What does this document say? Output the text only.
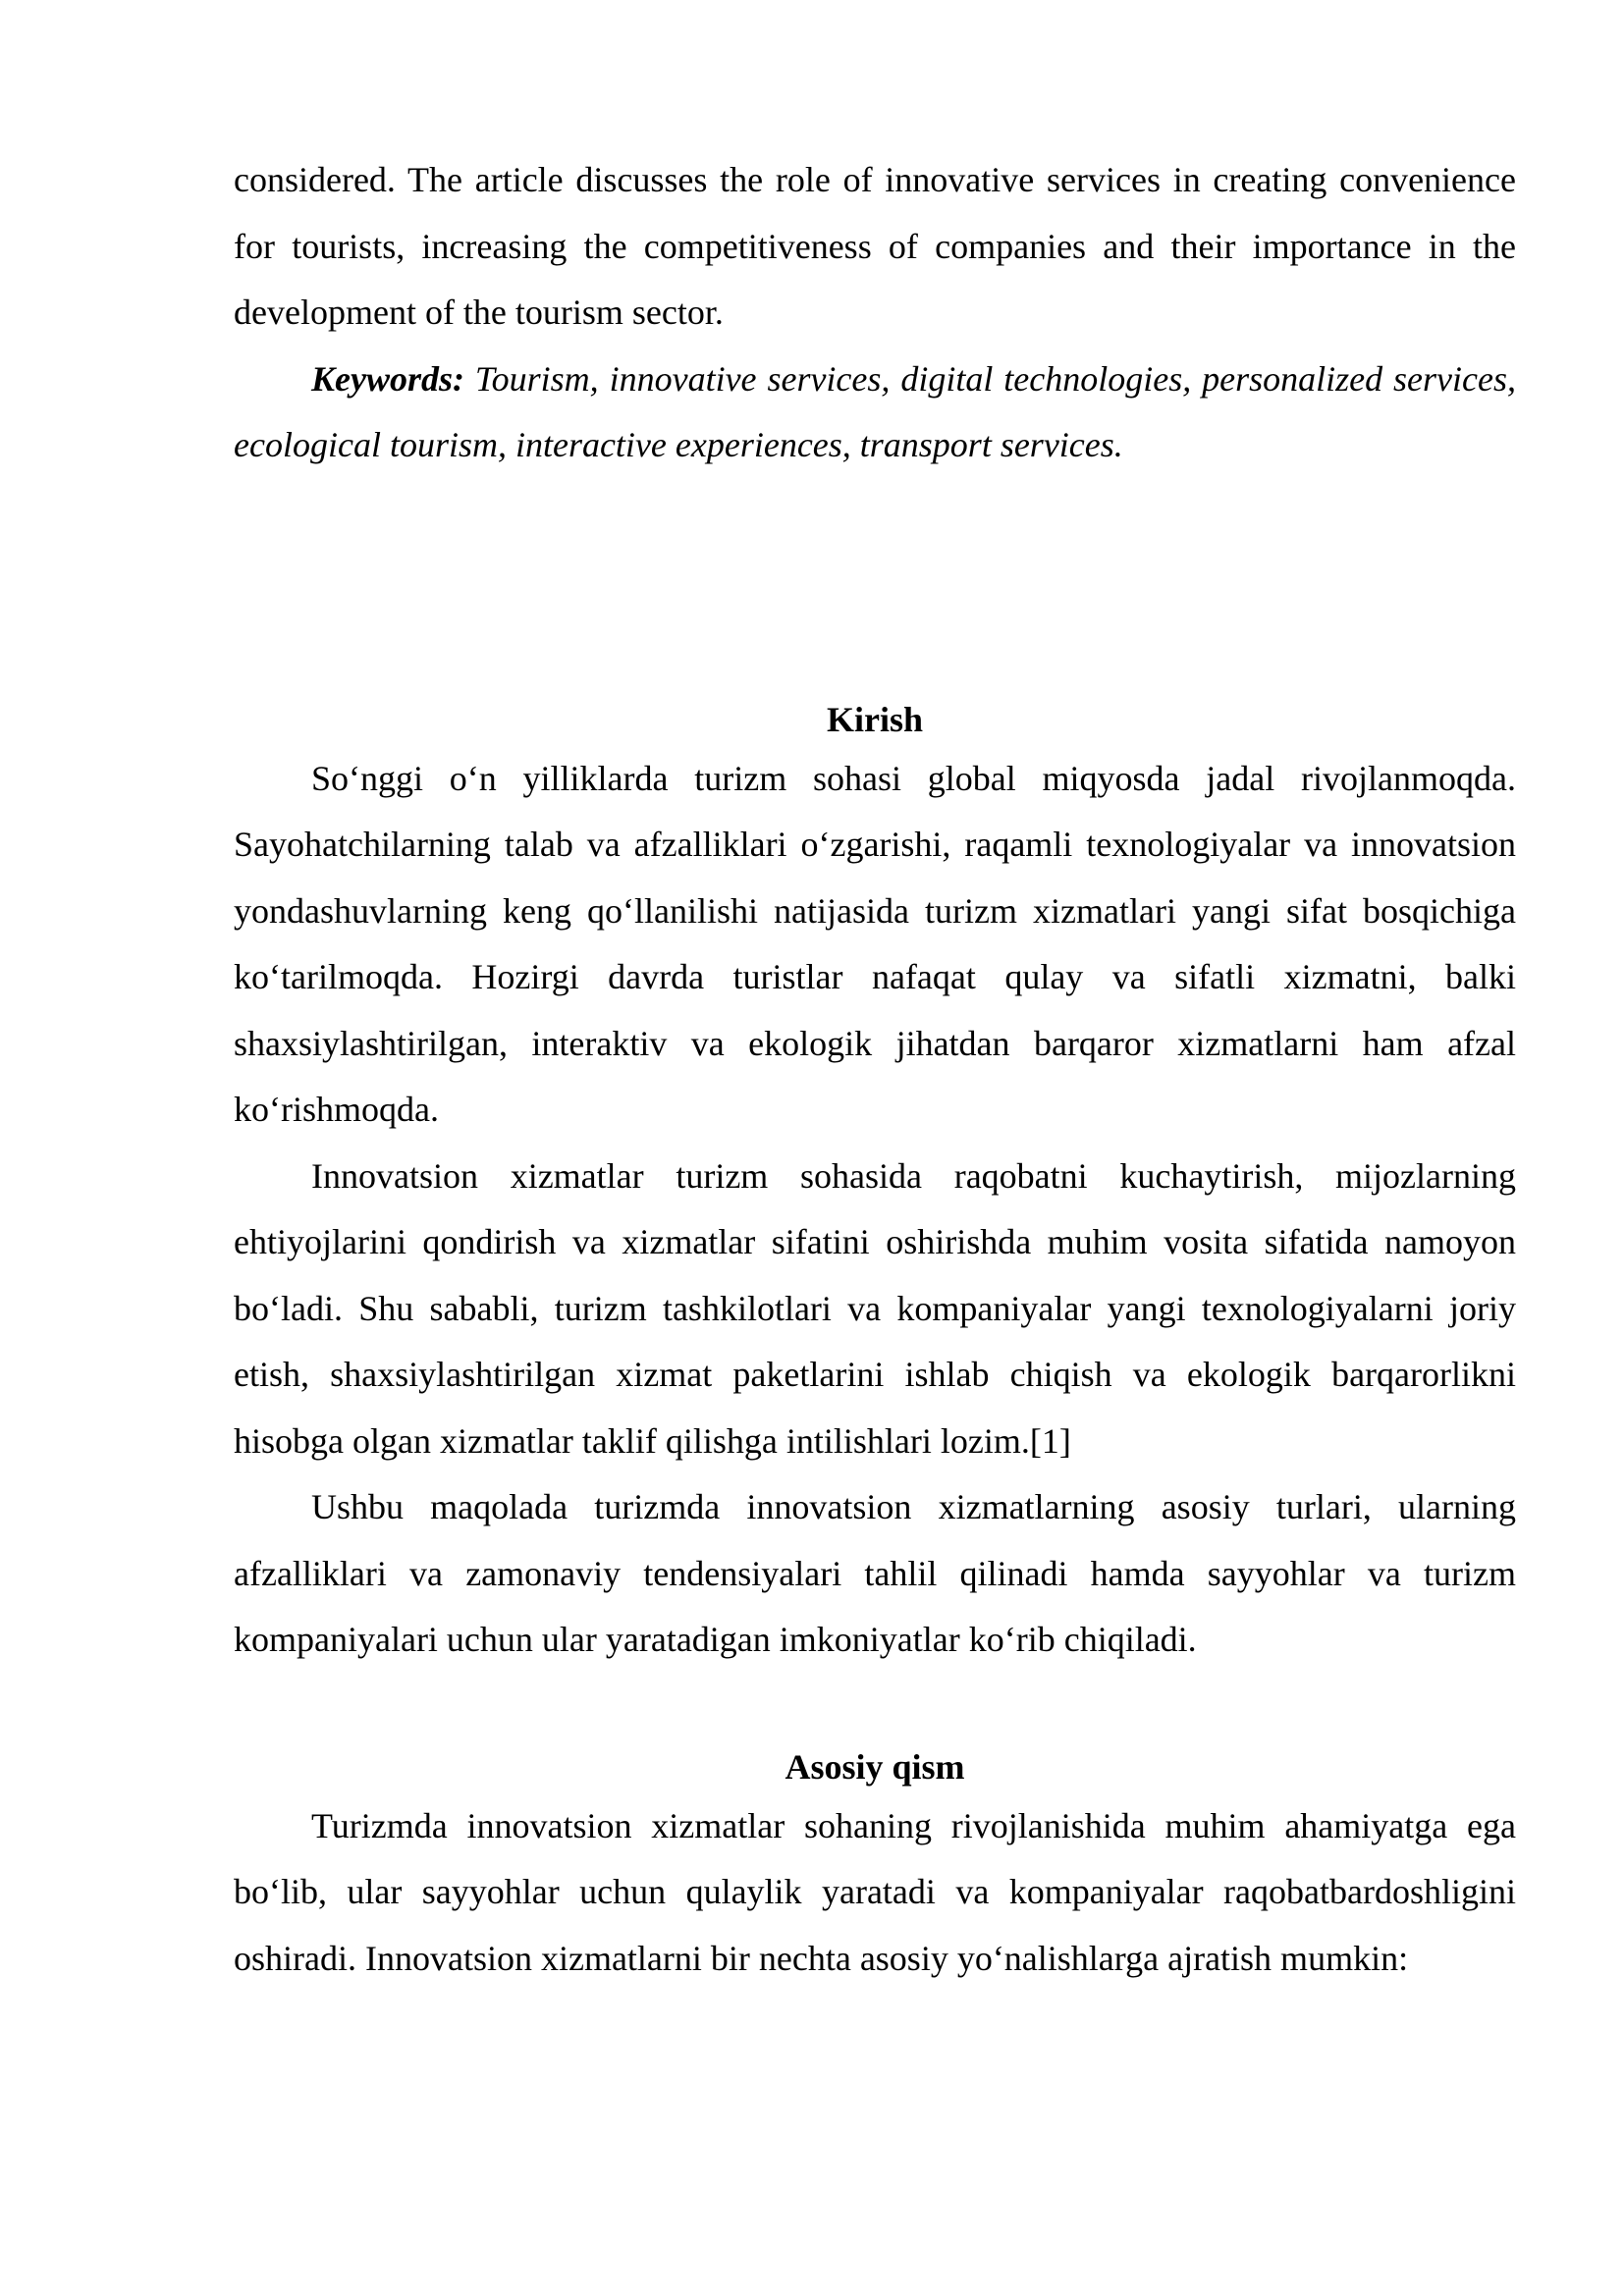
considered. The article discusses the role of innovative services in creating convenience for tourists, increasing the competitiveness of companies and their importance in the development of the tourism sector.

Keywords: Tourism, innovative services, digital technologies, personalized services, ecological tourism, interactive experiences, transport services.

Kirish

So‘nggi o‘n yilliklarda turizm sohasi global miqyosda jadal rivojlanmoqda. Sayohatchilarning talab va afzalliklari o‘zgarishi, raqamli texnologiyalar va innovatsion yondashuvlarning keng qo‘llanilishi natijasida turizm xizmatlari yangi sifat bosqichiga ko‘tarilmoqda. Hozirgi davrda turistlar nafaqat qulay va sifatli xizmatni, balki shaxsiylashtirilgan, interaktiv va ekologik jihatdan barqaror xizmatlarni ham afzal ko‘rishmoqda.

Innovatsion xizmatlar turizm sohasida raqobatni kuchaytirish, mijozlarning ehtiyojlarini qondirish va xizmatlar sifatini oshirishda muhim vosita sifatida namoyon bo‘ladi. Shu sababli, turizm tashkilotlari va kompaniyalar yangi texnologiyalarni joriy etish, shaxsiylashtirilgan xizmat paketlarini ishlab chiqish va ekologik barqarorlikni hisobga olgan xizmatlar taklif qilishga intilishlari lozim.[1]

Ushbu maqolada turizmda innovatsion xizmatlarning asosiy turlari, ularning afzalliklari va zamonaviy tendensiyalari tahlil qilinadi hamda sayyohlar va turizm kompaniyalari uchun ular yaratadigan imkoniyatlar ko‘rib chiqiladi.

Asosiy qism

Turizmda innovatsion xizmatlar sohaning rivojlanishida muhim ahamiyatga ega bo‘lib, ular sayyohlar uchun qulaylik yaratadi va kompaniyalar raqobatbardoshligini oshiradi. Innovatsion xizmatlarni bir nechta asosiy yo‘nalishlarga ajratish mumkin:
